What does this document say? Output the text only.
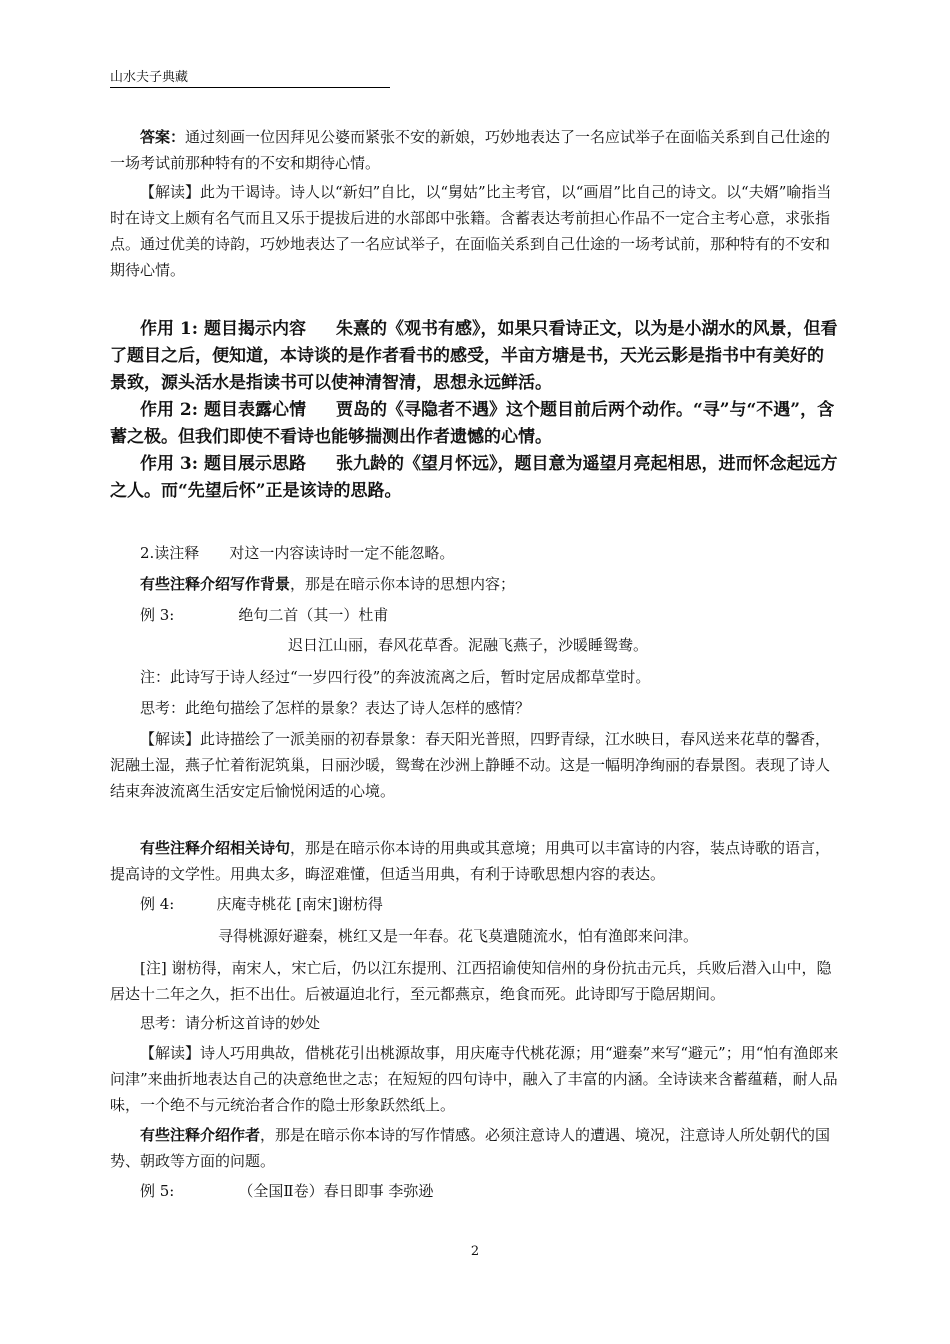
山水夫子典藏

答案：通过刻画一位因拜见公婆而紧张不安的新娘，巧妙地表达了一名应试举子在面临关系到自己仕途的一场考试前那种特有的不安和期待心情。

【解读】此为干谒诗。诗人以“新妇”自比，以“舅姑”比主考官，以“画眉”比自己的诗文。以“夫婿”喻指当时在诗文上颇有名气而且又乐于提拔后进的水部郎中张籍。含蓄表达考前担心作品不一定合主考心意，求张指点。通过优美的诗韵，巧妙地表达了一名应试举子，在面临关系到自己仕途的一场考试前，那种特有的不安和期待心情。

作用 1: 题目揭示内容 朱熹的《观书有感》，如果只看诗正文，以为是小湖水的风景，但看了题目之后，便知道，本诗谈的是作者看书的感受，半亩方塘是书，天光云影是指书中有美好的景致，源头活水是指读书可以使神清智清，思想永远鲜活。

作用 2: 题目表露心情 贾岛的《寻隐者不遇》这个题目前后两个动作。“寻”与“不遇”，含蓄之极。但我们即使不看诗也能够揣测出作者遗憾的心情。

作用 3: 题目展示思路 张九龄的《望月怀远》，题目意为遥望月亮起相思，进而怀念起远方之人。而“先望后怀”正是该诗的思路。

2.读注释 对这一内容读诗时一定不能忽略。

有些注释介绍写作背景，那是在暗示你本诗的思想内容；

例 3:	绝句二首（其一）杜甫

迟日江山丽，春风花草香。泥融飞燕子，沙暖睡鸳鸯。

注：此诗写于诗人经过“一岁四行役”的奔波流离之后，暂时定居成都草堂时。

思考：此绝句描绘了怎样的景象？表达了诗人怎样的感情？

【解读】此诗描绘了一派美丽的初春景象：春天阳光普照，四野青绿，江水映日，春风送来花草的馨香，泥融土湿，燕子忙着衔泥筑巢，日丽沙暖，鸳鸯在沙洲上静睡不动。这是一幅明净绚丽的春景图。表现了诗人结束奔波流离生活安定后愉悦闲适的心境。

有些注释介绍相关诗句，那是在暗示你本诗的用典或其意境；用典可以丰富诗的内容，装点诗歌的语言，提高诗的文学性。用典太多，晦涩难懂，但适当用典，有利于诗歌思想内容的表达。

例 4:	庆庵寺桃花 [南宋]谢枋得

寻得桃源好避秦，桃红又是一年春。花飞莫遣随流水，怕有渔郎来问津。

[注] 谢枋得，南宋人，宋亡后，仍以江东提刑、江西招谕使知信州的身份抗击元兵，兵败后潜入山中，隐居达十二年之久，拒不出仕。后被逼迫北行，至元都燕京，绝食而死。此诗即写于隐居期间。

思考：请分析这首诗的妙处

【解读】诗人巧用典故，借桃花引出桃源故事，用庆庵寺代桃花源；用“避秦”来写“避元”；用“怕有渔郎来问津”来曲折地表达自己的决意绝世之志；在短短的四句诗中，融入了丰富的内涵。全诗读来含蓄蕴藉，耐人品味，一个绝不与元统治者合作的隐士形象跃然纸上。

有些注释介绍作者，那是在暗示你本诗的写作情感。必须注意诗人的遭遇、境况，注意诗人所处朝代的国势、朝政等方面的问题。

例 5:	（全国Ⅱ卷）春日即事 李弥逊

2
